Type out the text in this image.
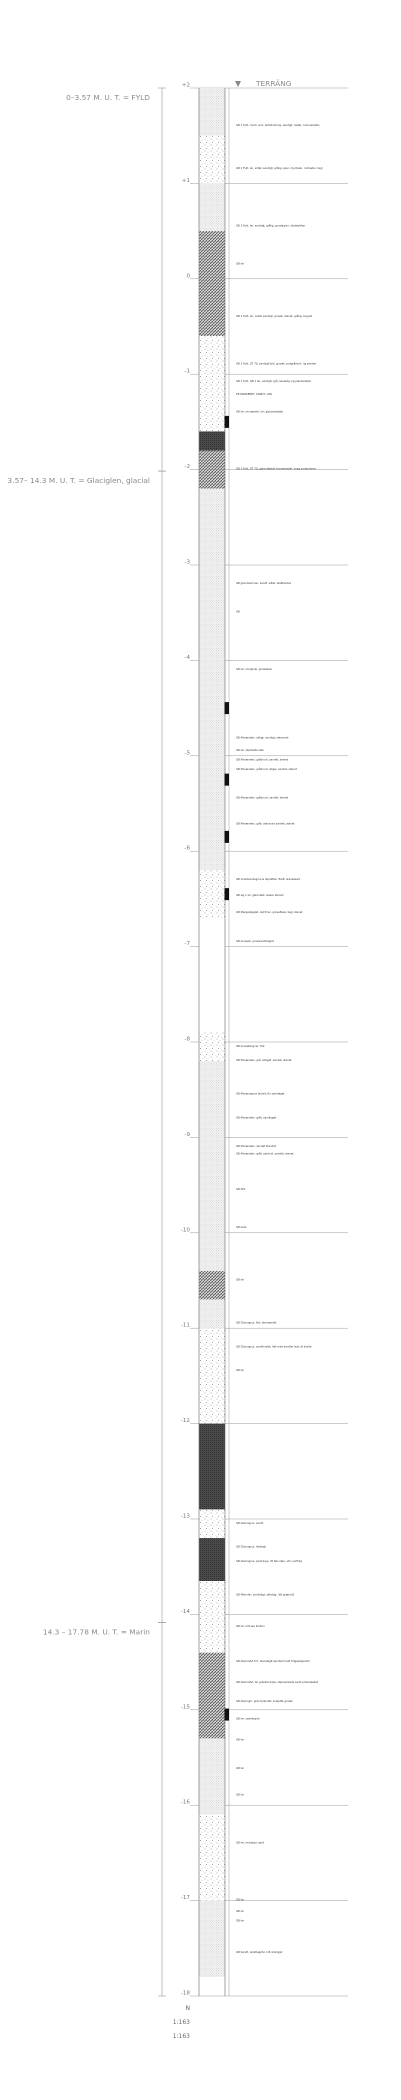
TERRÄNG
0–3.57 M. U. T. = FYLD
3.57– 14.3 M. U. T. = Glaciglen, glacial
14.3 – 17.78 M. U. T. = Marin
+2
+1
0
-1
-2
-3
-4
-5
-6
-7
-8
-9
-10
-11
-12
-13
-14
-15
-16
-17
-18
GB 1 Fyld, muld, sort, lerblandning, sandigt, rester, humusrester
GB 1 Fyld, ler, siltet, sandigt, grålig, spar, myrdeler, rodrester, tegl
GB 1 Fyld, ler, sandigt, grålig, gruslagnin, skalstykker
GB ler
GB 1 Fyld, ler, ostrik sandigt, gruset, stenet, grålig, sognet
GB 1 Fyld, GT 70, sandigt fyld, gruset, sortgrå/sort, ng planter
GB 1 Fyld, GB 1 ler, sandigt, grå, saveslig, kg planterester
TB MARKERET, SANDT, OSS
GB ler, morænekl, ler, glaciolastiske
GB 1 Fyld, GT 70, glaciolastisk moraenesler, svag sortsumme
GB glaciolaminer, sandt, siltet, stafblantet
GB
GB ler, marginal, gruskelsel
GB Moræneler, siltigt, sandigt, stenende
GB ler, stenfalde sten
GB Moræneler, gråbrunt, sandet, sheret
GB Moræneler, gråbrunt, stigel, sandet, stenet
GB Moræneler, gråbrunt, sandet, stenet
GB Moræneler, gråt, stensvirs sandet, stenet
GB smeltvandsgrus & lerplatter, fiedt, stenbesalt
GB sig 1 Gr. glaciolast, skaler stenrik
GB Mergelslaglat, ostrit ler, graveflexe, tegl, stenet
GB Grusset, grus/sandslaglat
GB Grusstslag ler, fint
GB Moræneler, grå, siltiget, sandet, stenet
GB Morænegrus ler/silt, fin sandlaget
GB Moræneler, gråt, sandlaget
GB Moræneler, sandet blandet
GB Moræneler, gråt, sstnt et, sandet, stenet
GB Mrs
GB lerle
GB ler
GB Glaciogrus, fint, stensamlet
GB Glaciogrus, sandforslet, laft med sandler lest, dt brede
GB ler
GB Glaciogrus, sandt
GB Glaciogrus, leetsigt
GB Glaciogrus, postringe, rtt tels sten, strn sortlilig
GB Marinler, sandeligt, siltelsig, lidt spærvitt
GB ler, lidt ses karbon
GB Glaciosfvl til f, stenslaglt sandlarrl lest frilgeshejerstil
GB Glaciosfvl, ler graksfvrinkje, stensamlede sanlt erhenskeket
GB Glaciogrl, grønnsrandet, sraspfte gruset
GB ler, samlesyrib
GB ler
GB ler
GB ler
GB ler, marstgrl, sprit
GB ler
GB ler
GB ler
GB Sandt, lerlstlagsfvl, lidt strsdyjst
N
1:163
1:163
